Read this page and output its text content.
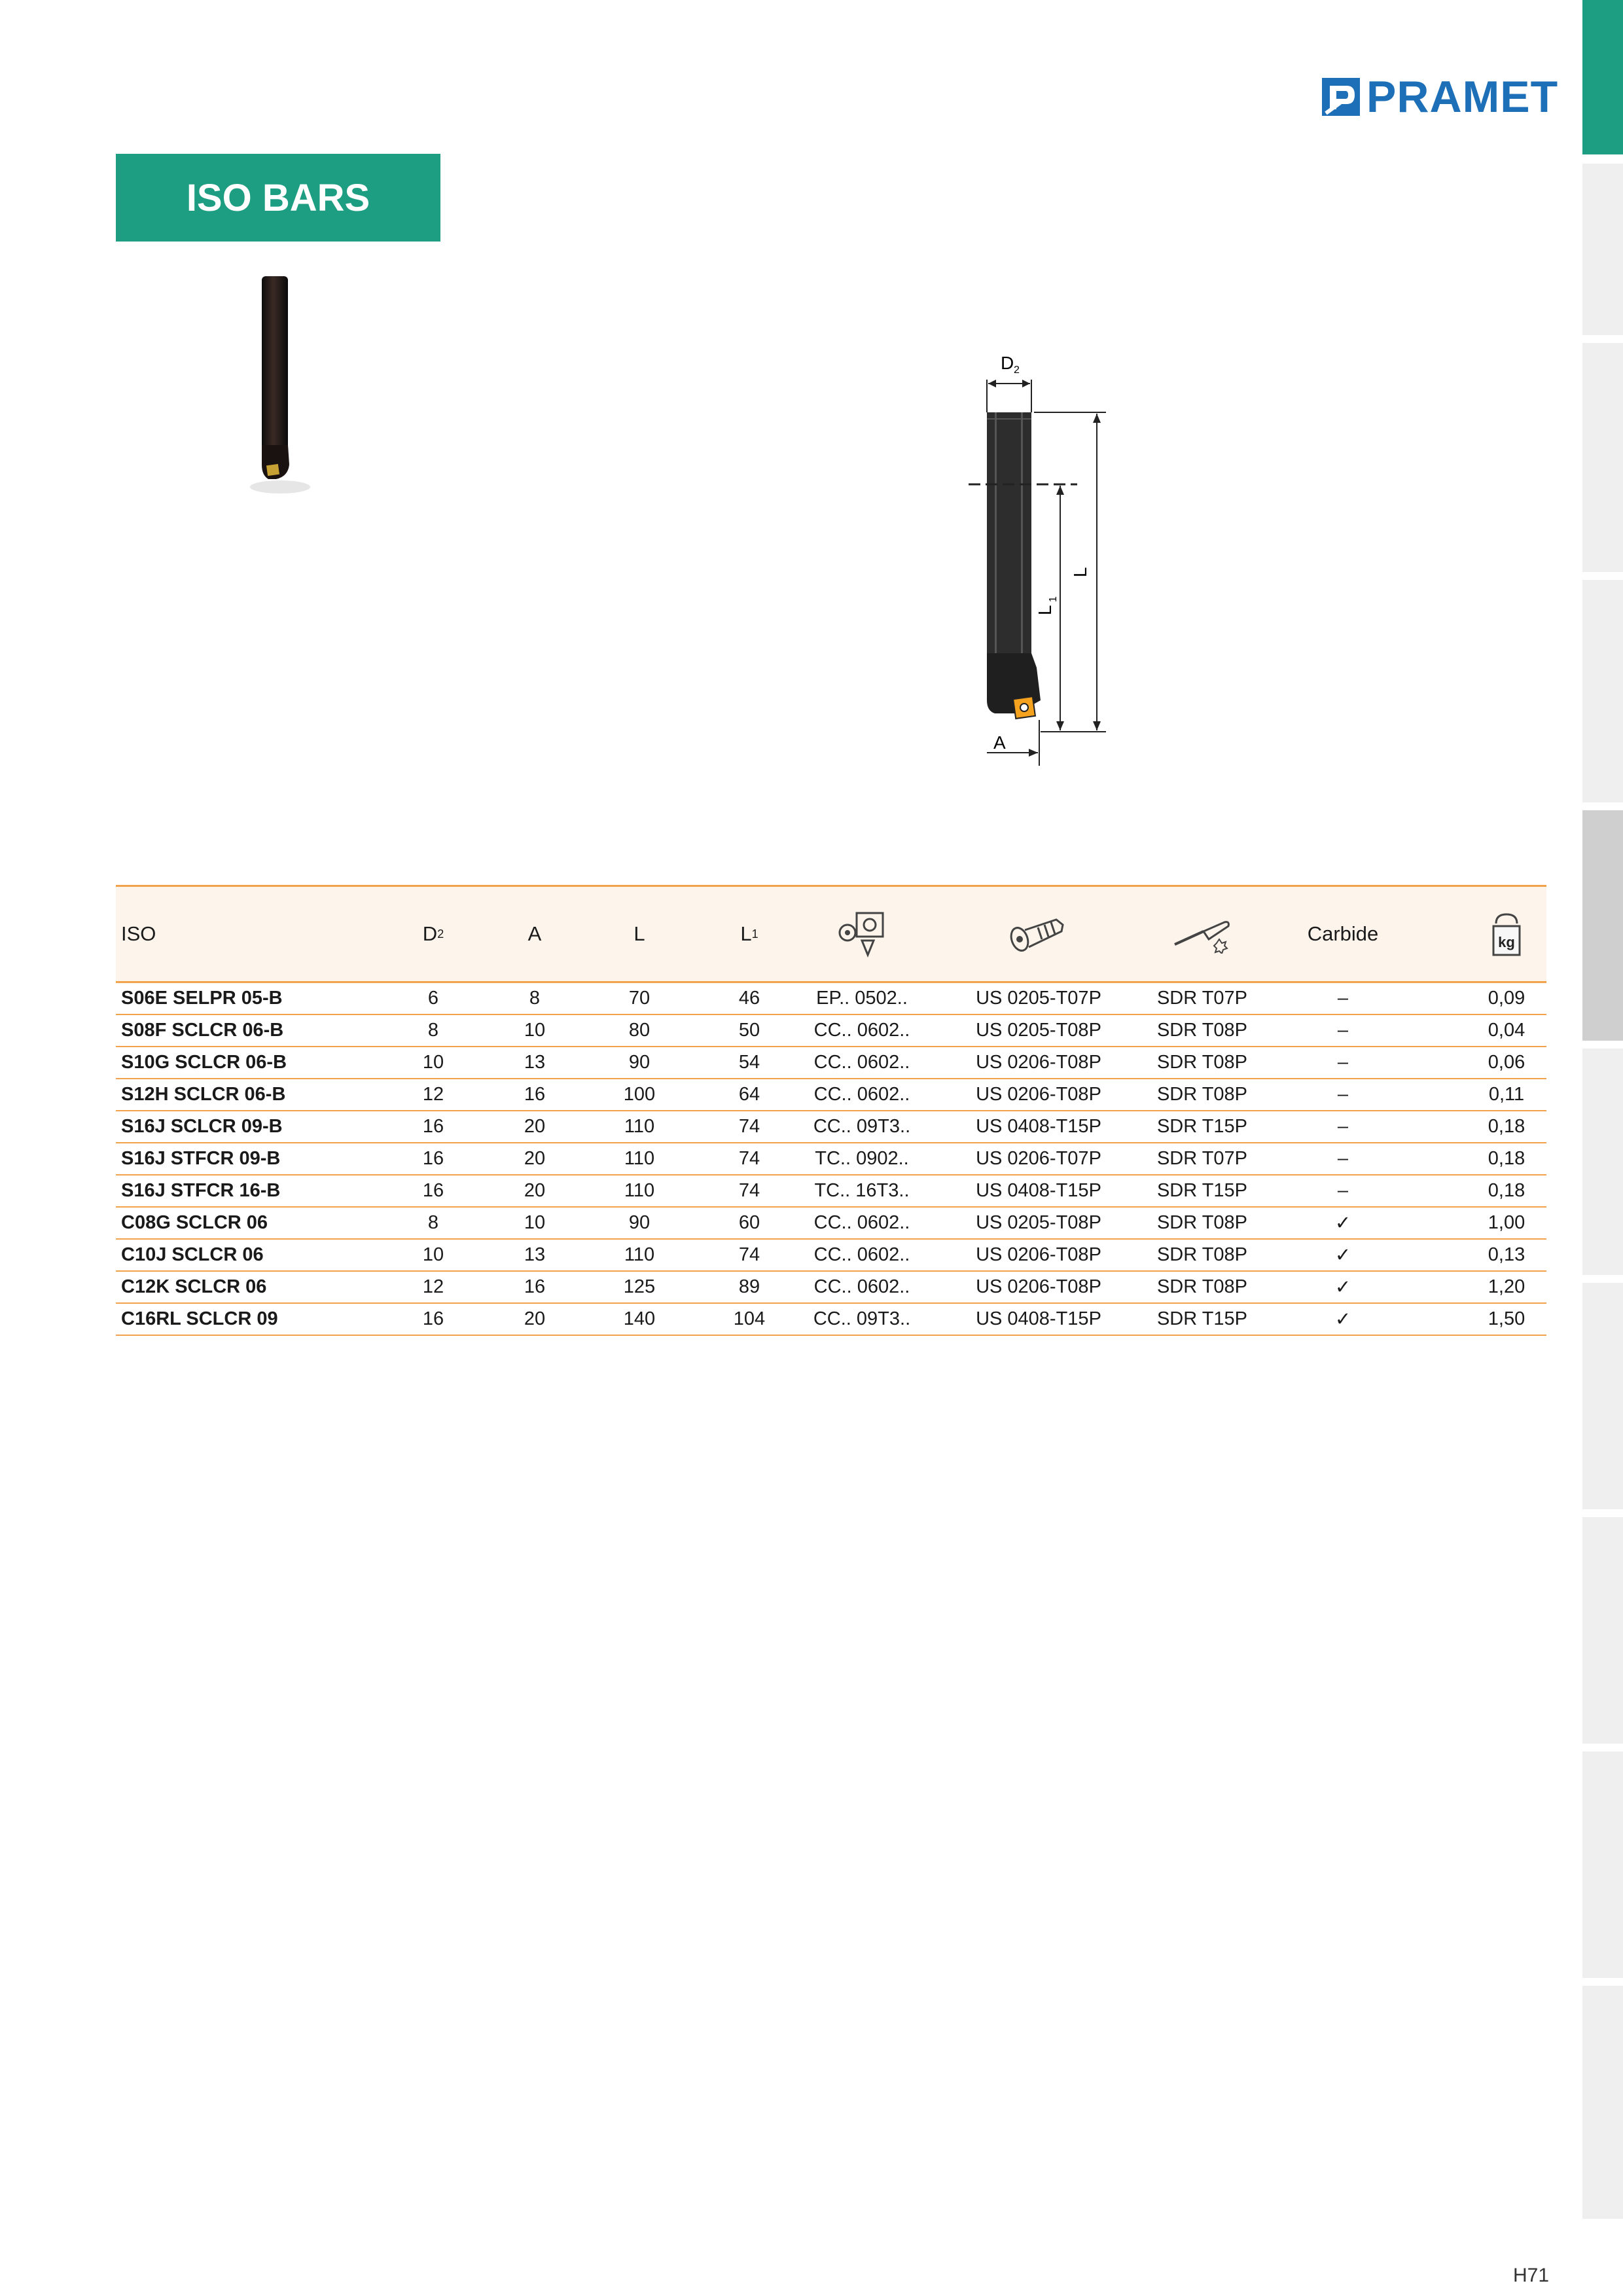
PRAMET
ISO BARS
D 2
L
L
1
A
ISO	D 2	A	L	L 1	Carbide	kg
S06E SELPR 05-B	6	8	70	46	EP.. 0502..	US 0205-T07P	SDR T07P	–	0,09
S08F SCLCR 06-B	8	10	80	50	CC.. 0602..	US 0205-T08P	SDR T08P	–	0,04
S10G SCLCR 06-B	10	13	90	54	CC.. 0602..	US 0206-T08P	SDR T08P	–	0,06
S12H SCLCR 06-B	12	16	100	64	CC.. 0602..	US 0206-T08P	SDR T08P	–	0,11
S16J SCLCR 09-B	16	20	110	74	CC.. 09T3..	US 0408-T15P	SDR T15P	–	0,18
S16J STFCR 09-B	16	20	110	74	TC.. 0902..	US 0206-T07P	SDR T07P	–	0,18
S16J STFCR 16-B	16	20	110	74	TC.. 16T3..	US 0408-T15P	SDR T15P	–	0,18
C08G SCLCR 06	8	10	90	60	CC.. 0602..	US 0205-T08P	SDR T08P	✓	1,00
C10J SCLCR 06	10	13	110	74	CC.. 0602..	US 0206-T08P	SDR T08P	✓	0,13
C12K SCLCR 06	12	16	125	89	CC.. 0602..	US 0206-T08P	SDR T08P	✓	1,20
C16RL SCLCR 09	16	20	140	104	CC.. 09T3..	US 0408-T15P	SDR T15P	✓	1,50
H71
